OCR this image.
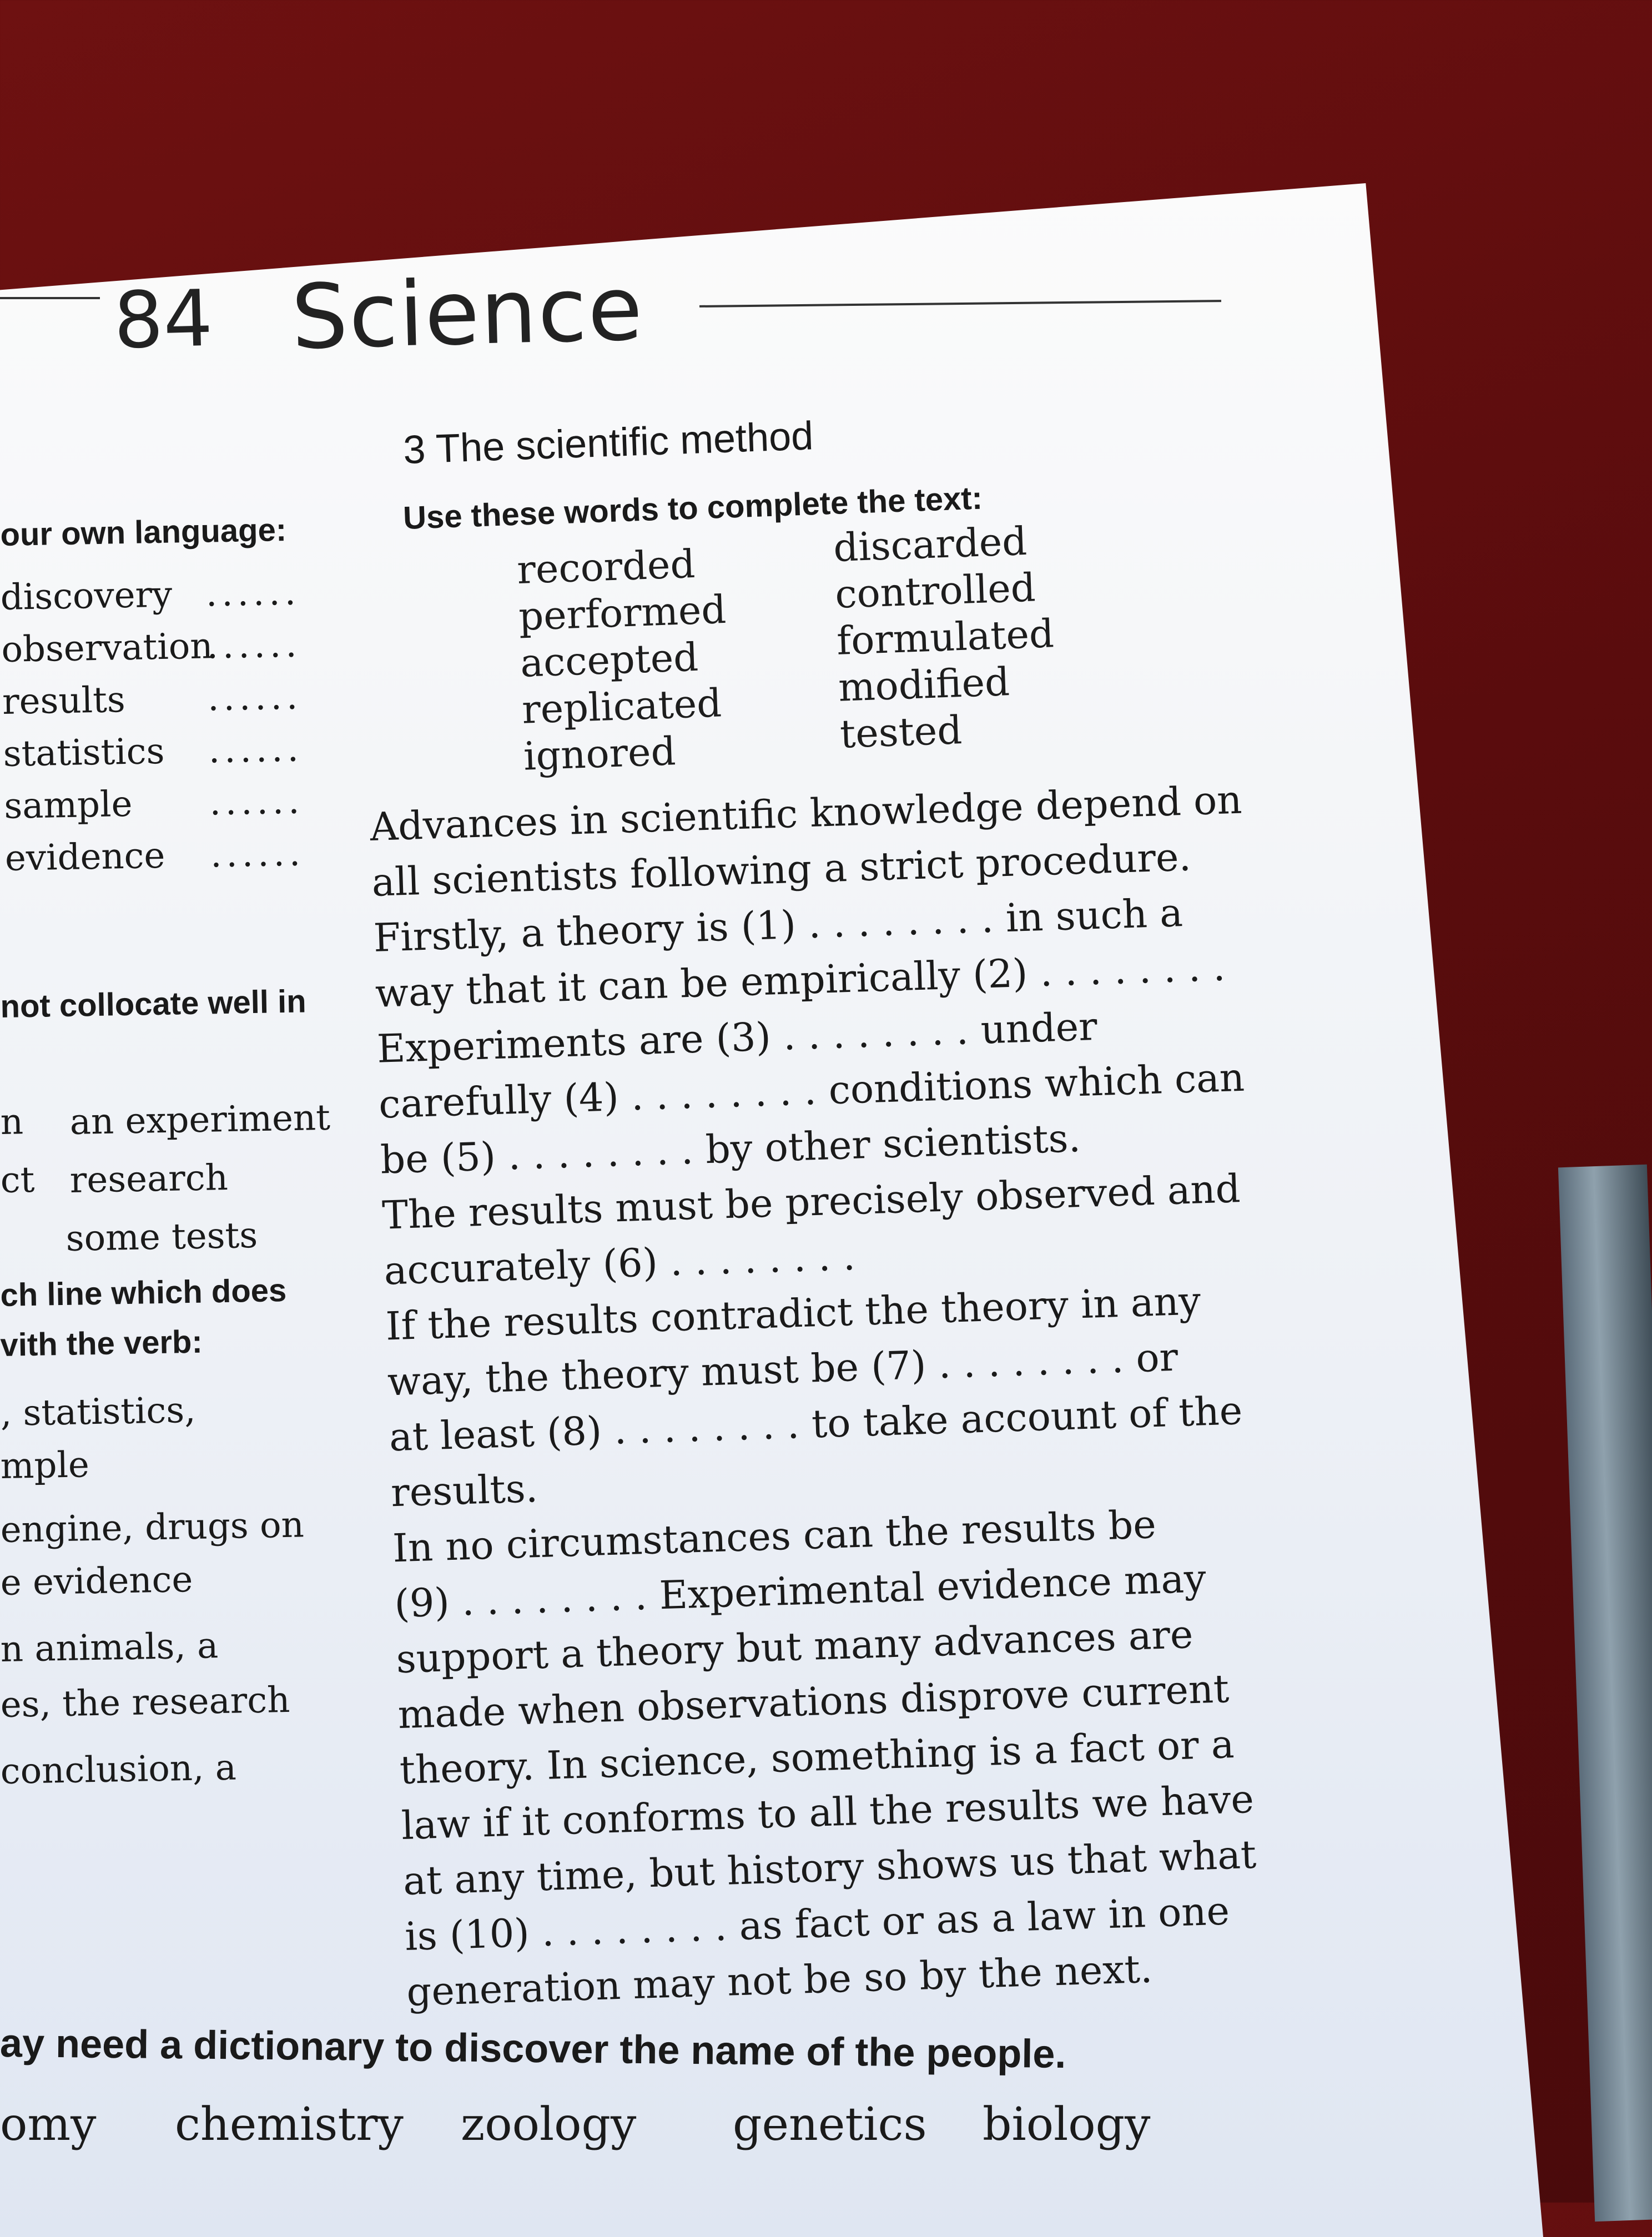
84 Science
3 The scientific method
Use these words to complete the text:
recorded
performed
accepted
replicated
ignored
discarded
controlled
formulated
modified
tested
Advances in scientific knowledge depend on
all scientists following a strict procedure.
Firstly, a theory is (1) . . . . . . . . in such a
way that it can be empirically (2) . . . . . . . .
Experiments are (3) . . . . . . . . under
carefully (4) . . . . . . . . conditions which can
be (5) . . . . . . . . by other scientists.
The results must be precisely observed and
accurately (6) . . . . . . . .
If the results contradict the theory in any
way, the theory must be (7) . . . . . . . . or
at least (8) . . . . . . . . to take account of the
results.
In no circumstances can the results be
(9) . . . . . . . . Experimental evidence may
support a theory but many advances are
made when observations disprove current
theory. In science, something is a fact or a
law if it conforms to all the results we have
at any time, but history shows us that what
is (10) . . . . . . . . as fact or as a law in one
generation may not be so by the next.
our own language:
discovery ......
observation
......
results ......
statistics ......
sample ......
evidence ......
not collocate well in
n an experiment
ct research
some tests
ch line which does
vith the verb:
, statistics,
mple
engine, drugs on
e evidence
n animals, a
es, the research
conclusion, a
ay need a dictionary to discover the name of the people.
omy chemistry zoology genetics biology
